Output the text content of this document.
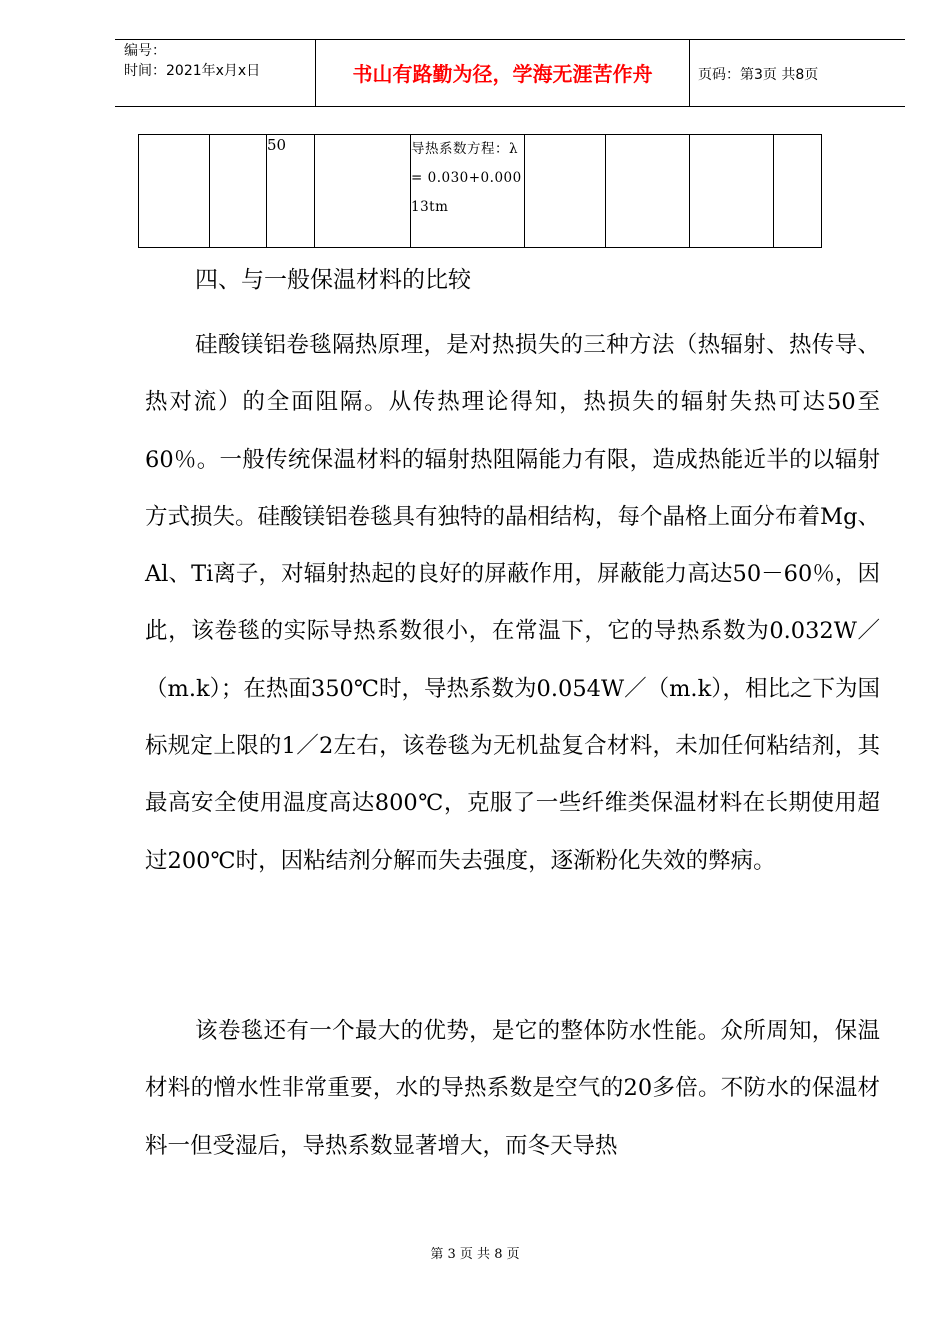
编号：
时间：2021年x月x日	书山有路勤为径，学海无涯苦作舟	页码：第3页 共8页
		50		导热系数方程：λ = 0.030+0.00013tm				
四、与一般保温材料的比较
硅酸镁铝卷毯隔热原理，是对热损失的三种方法（热辐射、热传导、热对流）的全面阻隔。从传热理论得知，热损失的辐射失热可达50至60％。一般传统保温材料的辐射热阻隔能力有限，造成热能近半的以辐射方式损失。硅酸镁铝卷毯具有独特的晶相结构，每个晶格上面分布着Mg、Al、Ti离子，对辐射热起的良好的屏蔽作用，屏蔽能力高达50－60％，因此，该卷毯的实际导热系数很小，在常温下，它的导热系数为0.032W／（m.k）；在热面350℃时，导热系数为0.054W／（m.k），相比之下为国标规定上限的1／2左右，该卷毯为无机盐复合材料，未加任何粘结剂，其最高安全使用温度高达800℃，克服了一些纤维类保温材料在长期使用超过200℃时，因粘结剂分解而失去强度，逐渐粉化失效的弊病。
该卷毯还有一个最大的优势，是它的整体防水性能。众所周知，保温材料的憎水性非常重要，水的导热系数是空气的20多倍。不防水的保温材料一但受湿后，导热系数显著增大，而冬天导热
第 3 页 共 8 页
